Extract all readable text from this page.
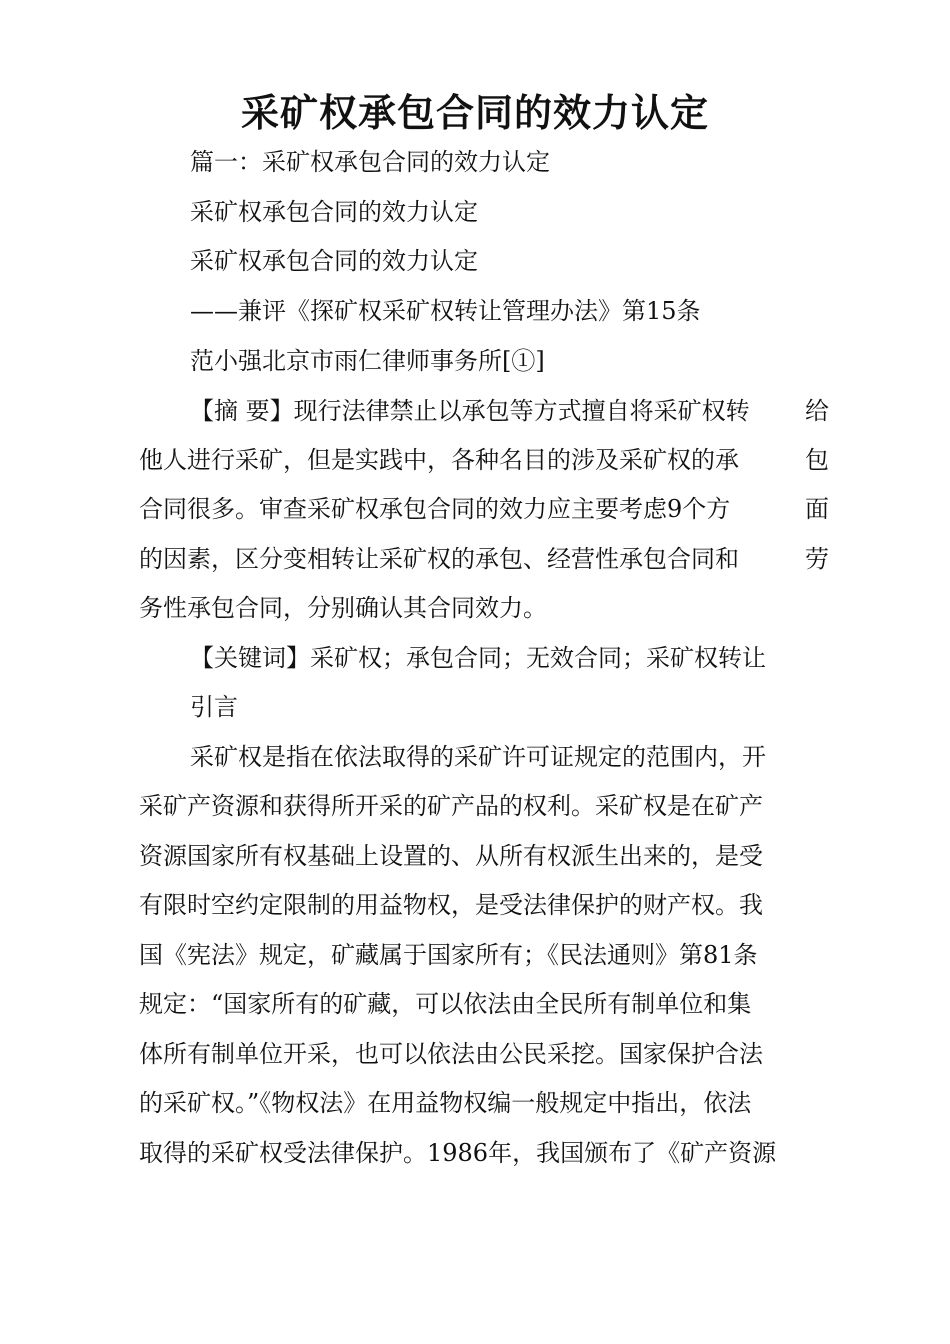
采矿权承包合同的效力认定
篇一：采矿权承包合同的效力认定
采矿权承包合同的效力认定
采矿权承包合同的效力认定
——兼评《探矿权采矿权转让管理办法》第15条
范小强北京市雨仁律师事务所[①]
【摘 要】现行法律禁止以承包等方式擅自将采矿权转 给
他人进行采矿，但是实践中，各种名目的涉及采矿权的承	包
合同很多。审查采矿权承包合同的效力应主要考虑9个方	面
的因素，区分变相转让采矿权的承包、经营性承包合同和	劳
务性承包合同，分别确认其合同效力。
【关键词】采矿权；承包合同；无效合同；采矿权转让
引言
采矿权是指在依法取得的采矿许可证规定的范围内，开
采矿产资源和获得所开采的矿产品的权利。采矿权是在矿产
资源国家所有权基础上设置的、从所有权派生出来的，是受
有限时空约定限制的用益物权，是受法律保护的财产权。我
国《宪法》规定，矿藏属于国家所有；《民法通则》第81条
规定：“国家所有的矿藏，可以依法由全民所有制单位和集
体所有制单位开采，也可以依法由公民采挖。国家保护合法
的采矿权。”《物权法》在用益物权编一般规定中指出，依法
取得的采矿权受法律保护。1986年，我国颁布了《矿产资源
